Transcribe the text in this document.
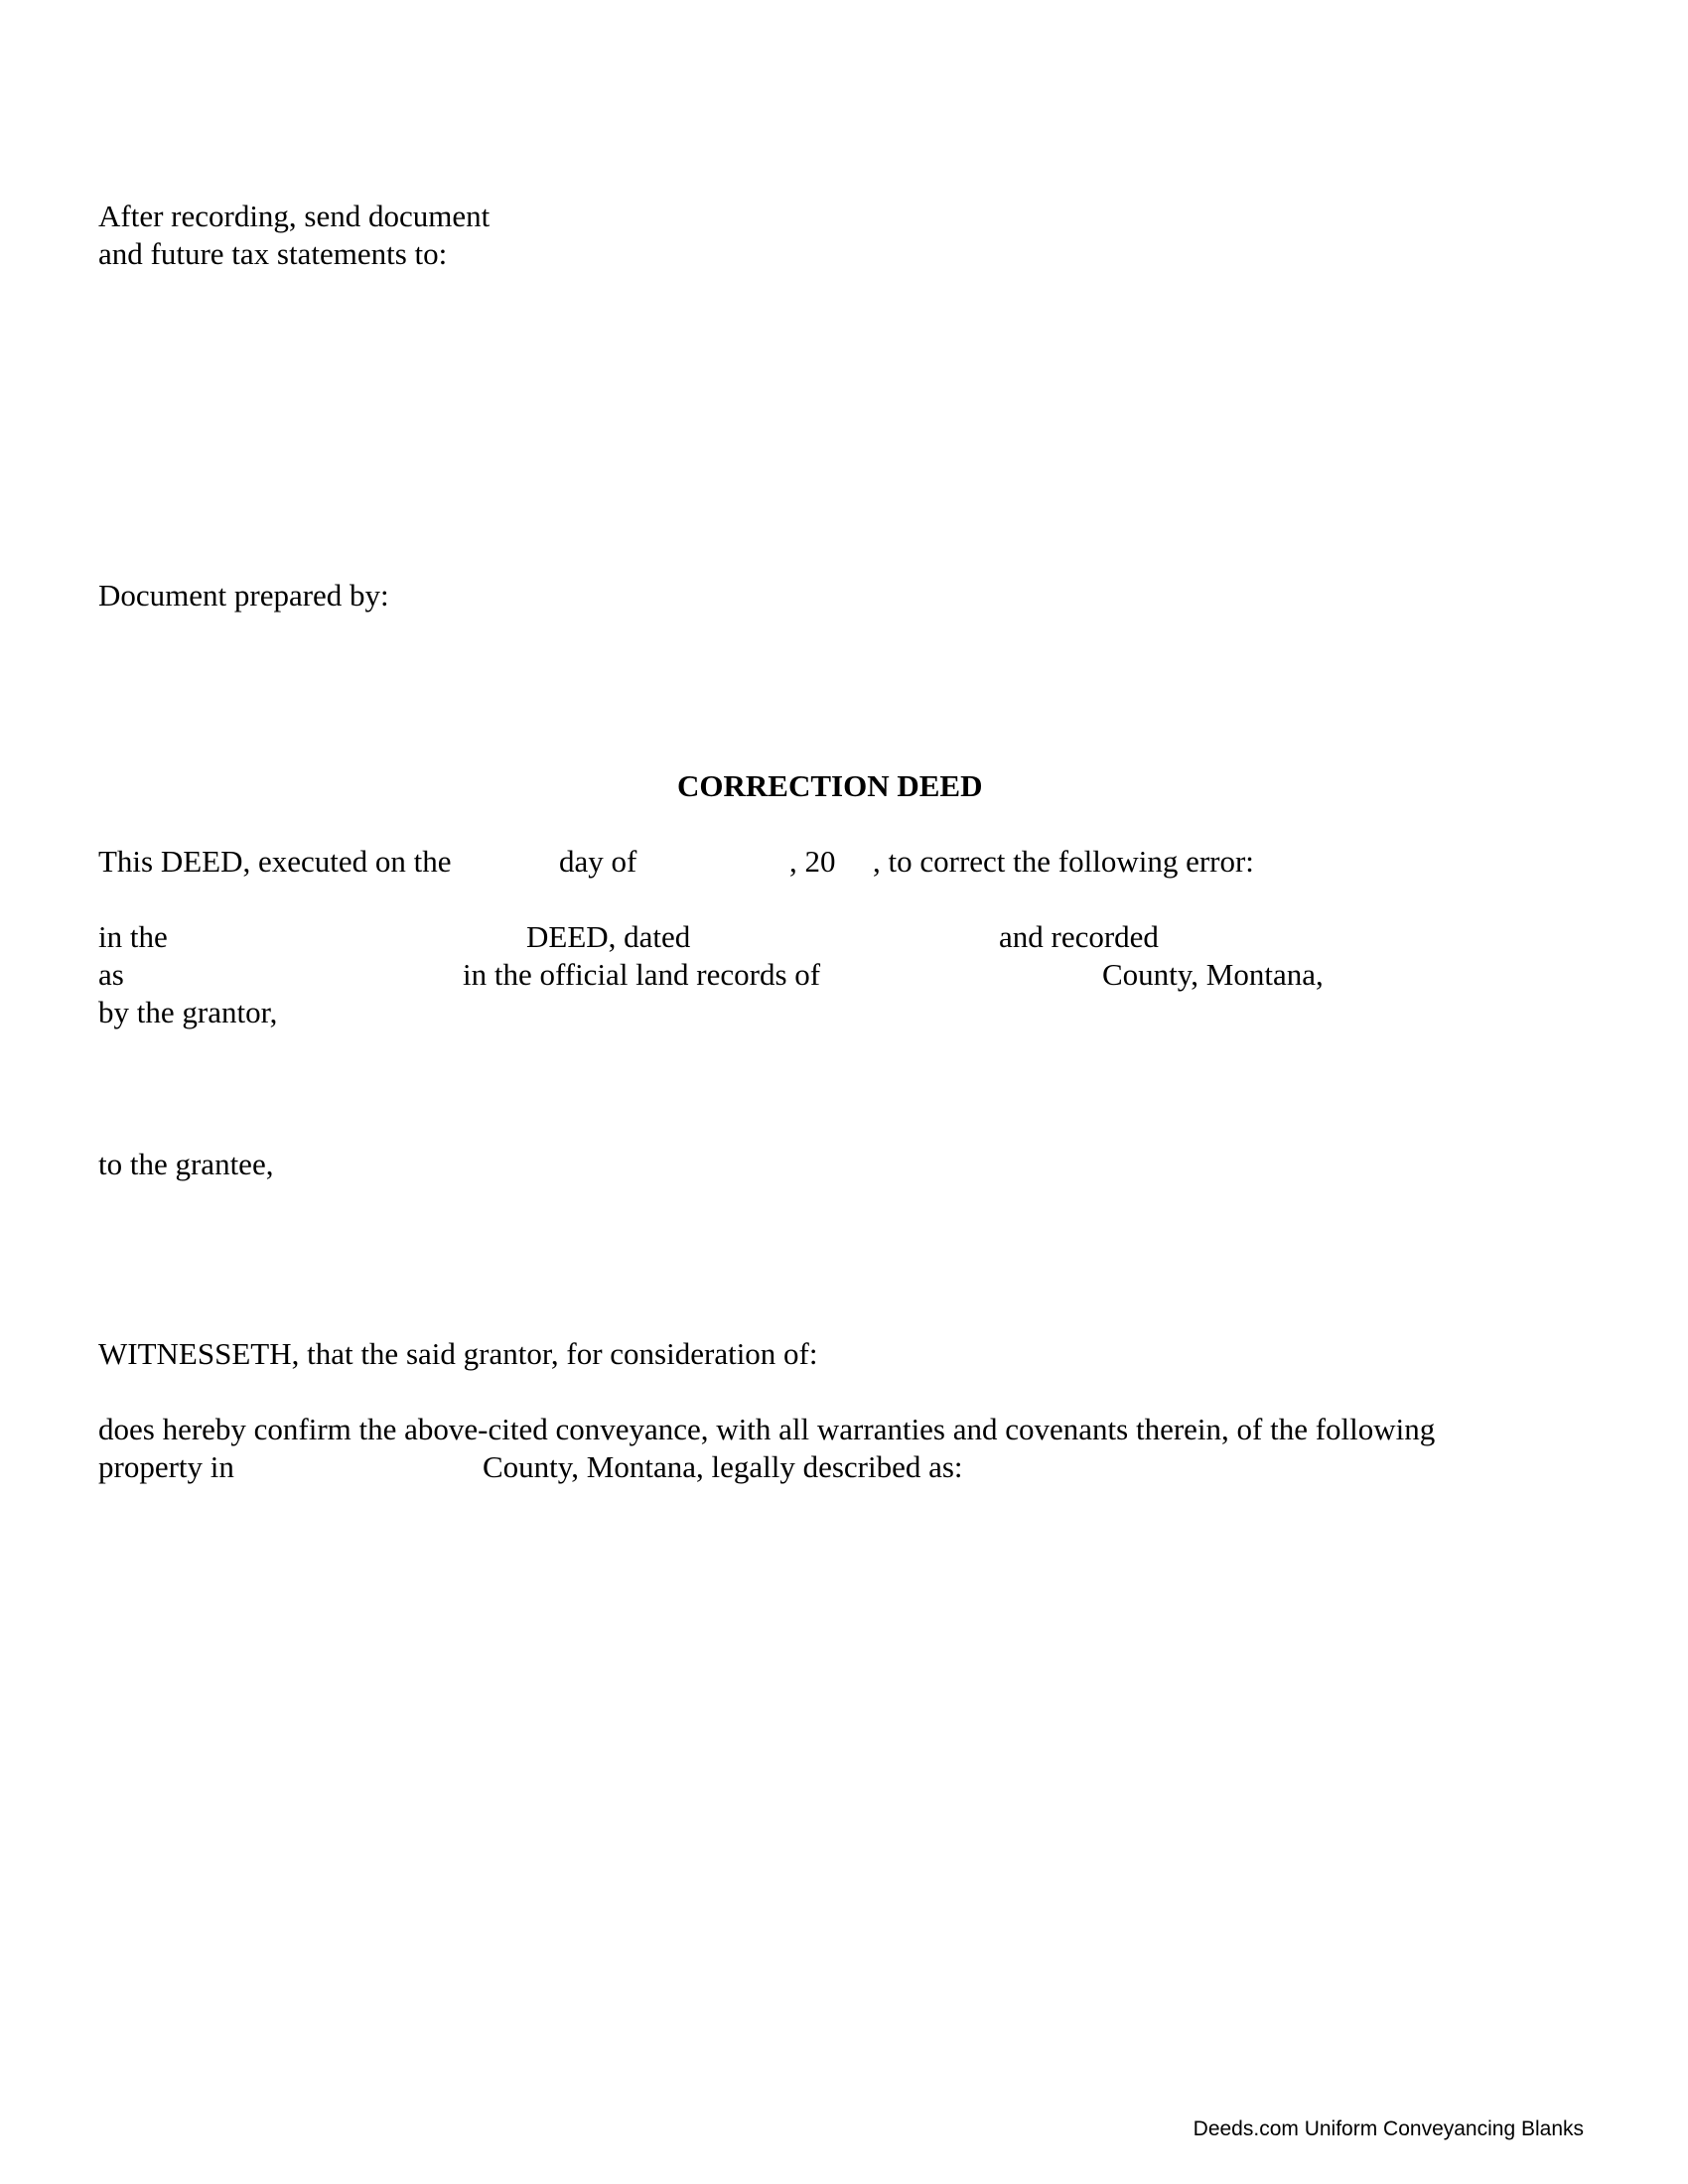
After recording, send document

and future tax statements to:

Document prepared by:

CORRECTION DEED

This DEED, executed on the	day of	, 20 , to correct the following error:

in the	DEED, dated	and recorded

as	in the official land records of	County, Montana,

by the grantor,

to the grantee,

WITNESSETH, that the said grantor, for consideration of:

does hereby confirm the above-cited conveyance, with all warranties and covenants therein, of the following

property in	County, Montana, legally described as:

Deeds.com Uniform Conveyancing Blanks
